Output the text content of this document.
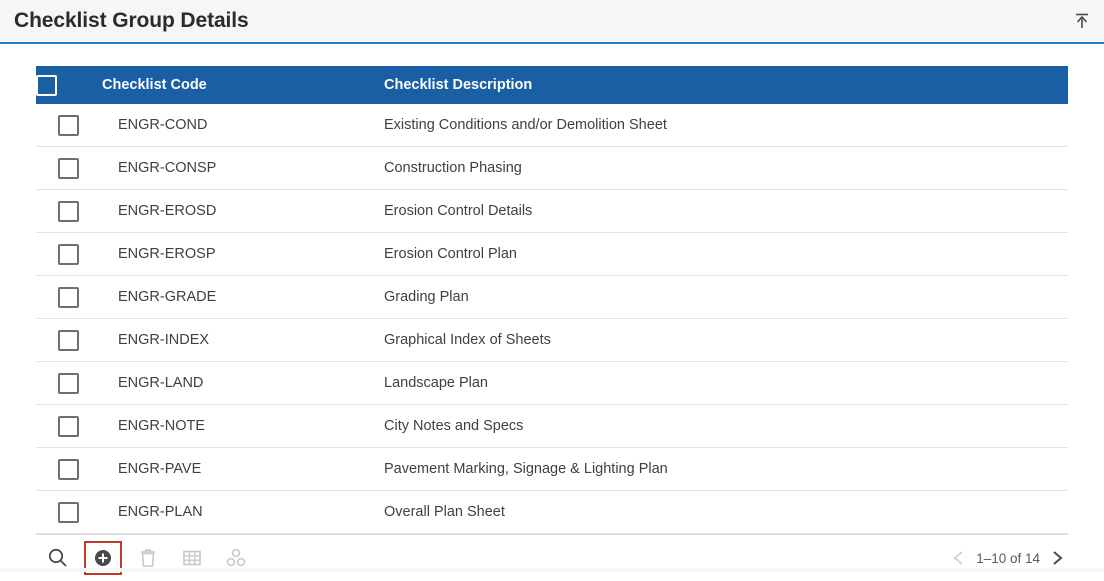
Checklist Group Details
	Checklist Code	Checklist Description
	ENGR-COND	Existing Conditions and/or Demolition Sheet
	ENGR-CONSP	Construction Phasing
	ENGR-EROSD	Erosion Control Details
	ENGR-EROSP	Erosion Control Plan
	ENGR-GRADE	Grading Plan
	ENGR-INDEX	Graphical Index of Sheets
	ENGR-LAND	Landscape Plan
	ENGR-NOTE	City Notes and Specs
	ENGR-PAVE	Pavement Marking, Signage & Lighting Plan
	ENGR-PLAN	Overall Plan Sheet
1–10 of 14
